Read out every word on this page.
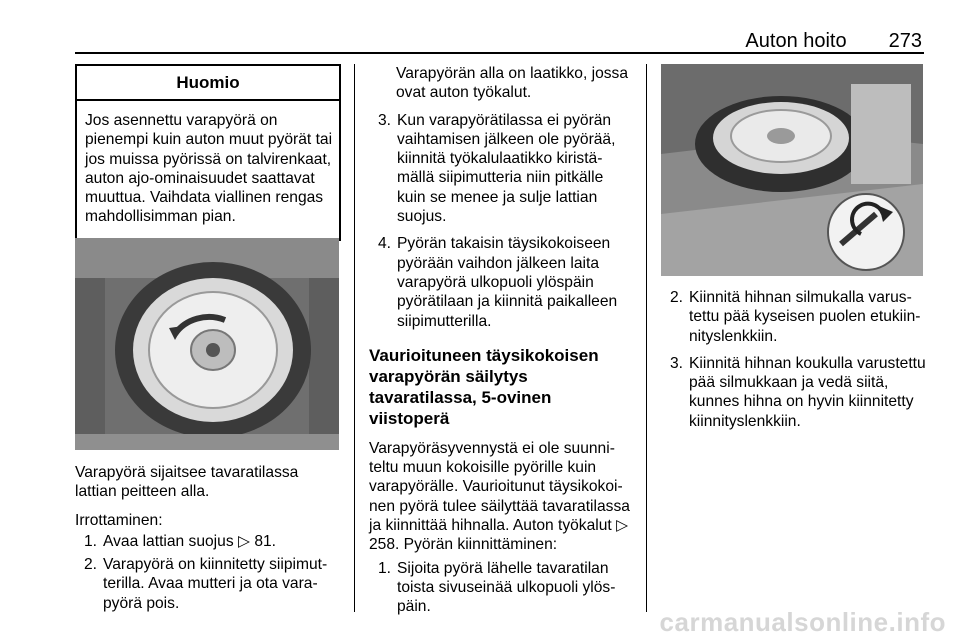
Auton hoito 273
Huomio
Jos asennettu varapyörä on pienempi kuin auton muut pyörät tai jos muissa pyörissä on talvirenkaat, auton ajo-ominaisuudet saattavat muuttua. Vaihdata viallinen rengas mahdollisimman pian.

Varapyörä sijaitsee tavaratilassa lattian peitteen alla.

Irrottaminen:

1. Avaa lattian suojus ▷ 81.
2. Varapyörä on kiinnitetty siipimutterilla. Avaa mutteri ja ota varapyörä pois.

Varapyörän alla on laatikko, jossa ovat auton työkalut.

3. Kun varapyörätilassa ei pyörän vaihtamisen jälkeen ole pyörää, kiinnitä työkalulaatikko kiristämällä siipimutteria niin pitkälle kuin se menee ja sulje lattian suojus.
4. Pyörän takaisin täysikokoiseen pyörään vaihdon jälkeen laita varapyörä ulkopuoli ylöspäin pyörätilaan ja kiinnitä paikalleen siipimutterilla.
Vaurioituneen täysikokoisen varapyörän säilytys tavaratilassa, 5-ovinen viistoperä

Varapyöräsyvennystä ei ole suunniteltu muun kokoisille pyörille kuin varapyörälle. Vaurioitunut täysikokoinen pyörä tulee säilyttää tavaratilassa ja kiinnittää hihnalla. Auton työkalut ▷ 258. Pyörän kiinnittäminen:

1. Sijoita pyörä lähelle tavaratilan toista sivuseinää ulkopuoli ylöspäin.
2. Kiinnitä hihnan silmukalla varustettu pää kyseisen puolen etukiinnityslenkkiin.
3. Kiinnitä hihnan koukulla varustettu pää silmukkaan ja vedä siitä, kunnes hihna on hyvin kiinnitetty kiinnityslenkkiin.
carmanualsonline.info
